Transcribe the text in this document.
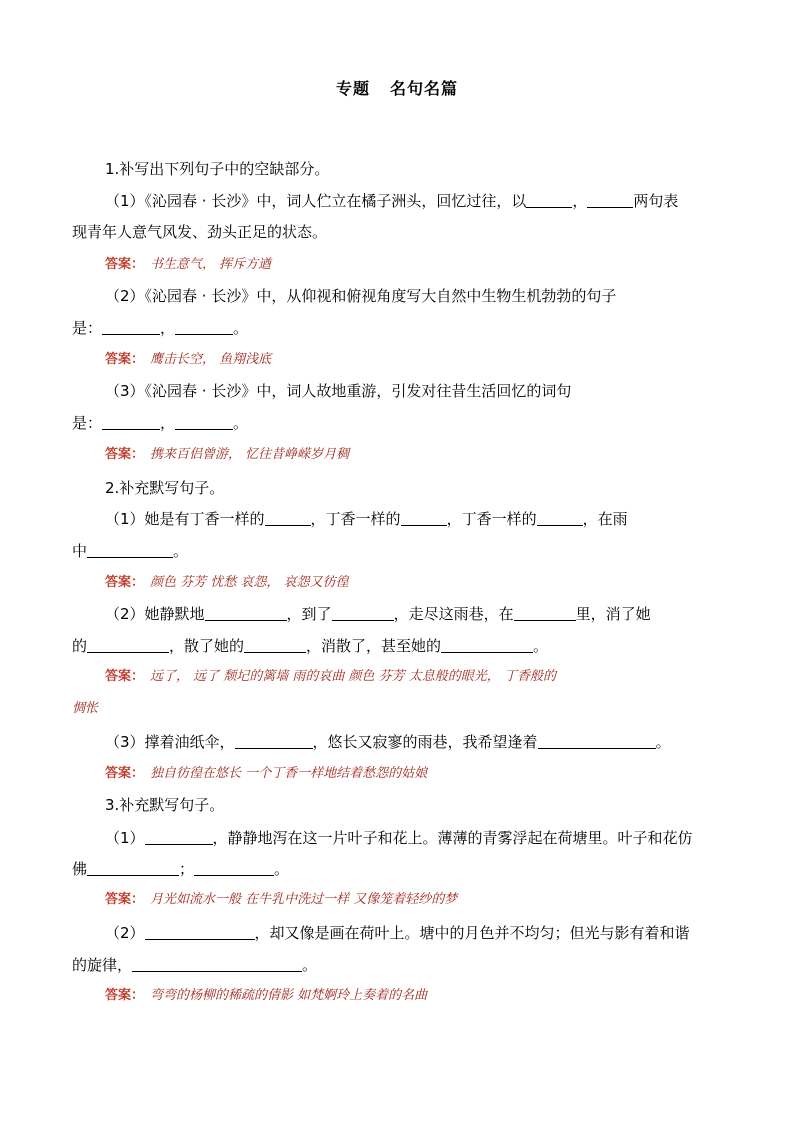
专题 名句名篇
1.补写出下列句子中的空缺部分。
（1）《沁园春 · 长沙》中，词人伫立在橘子洲头，回忆过往，以	，	两句表
现青年人意气风发、劲头正足的状态。
答案： 书生意气， 挥斥方遒
（2）《沁园春 · 长沙》中，从仰视和俯视角度写大自然中生物生机勃勃的句子
是：	，	。
答案： 鹰击长空， 鱼翔浅底
（3）《沁园春 · 长沙》中，词人故地重游，引发对往昔生活回忆的词句
是：	，	。
答案： 携来百侣曾游， 忆往昔峥嵘岁月稠
2.补充默写句子。
（1）她是有丁香一样的	，丁香一样的	，丁香一样的	，在雨
中	。
答案： 颜色 芬芳 忧愁 哀怨， 哀怨又彷徨
（2）她静默地	，到了	，走尽这雨巷，在	里，消了她
的	，散了她的	，消散了，甚至她的	。
答案： 远了， 远了 颓圮的篱墙 雨的哀曲 颜色 芬芳 太息般的眼光， 丁香般的
惆怅
（3）撑着油纸伞，	，悠长又寂寥的雨巷，我希望逢着	。
答案： 独自彷徨在悠长 一个丁香一样地结着愁怨的姑娘
3.补充默写句子。
（1）	，静静地泻在这一片叶子和花上。薄薄的青雾浮起在荷塘里。叶子和花仿
佛	；	。
答案： 月光如流水一般 在牛乳中洗过一样 又像笼着轻纱的梦
（2）	，却又像是画在荷叶上。塘中的月色并不均匀；但光与影有着和谐
的旋律，	。
答案： 弯弯的杨柳的稀疏的倩影 如梵婀玲上奏着的名曲
